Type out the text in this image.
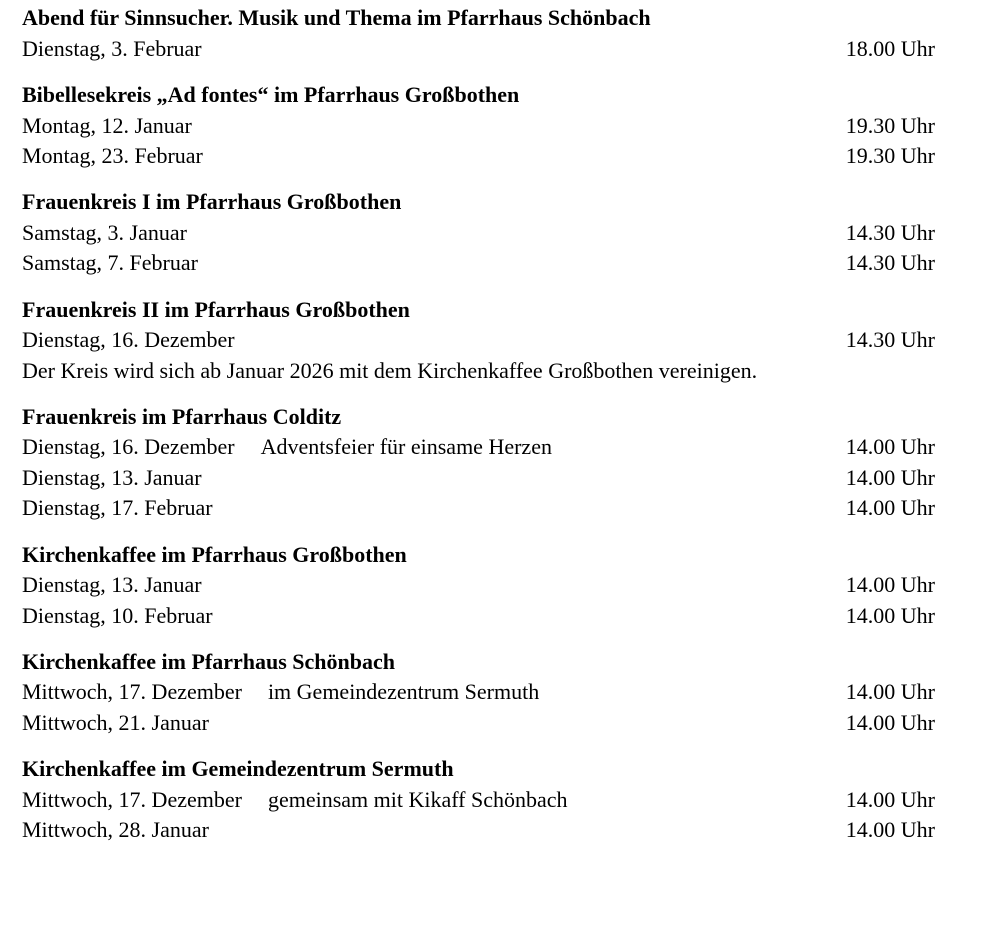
Abend für Sinnsucher. Musik und Thema im Pfarrhaus Schönbach
Dienstag, 3. Februar	18.00 Uhr
Bibellesekreis „Ad fontes“ im Pfarrhaus Großbothen
Montag, 12. Januar	19.30 Uhr
Montag, 23. Februar	19.30 Uhr
Frauenkreis I im Pfarrhaus Großbothen
Samstag, 3. Januar	14.30 Uhr
Samstag, 7. Februar	14.30 Uhr
Frauenkreis II im Pfarrhaus Großbothen
Dienstag, 16. Dezember	14.30 Uhr
Der Kreis wird sich ab Januar 2026 mit dem Kirchenkaffee Großbothen vereinigen.
Frauenkreis im Pfarrhaus Colditz
Dienstag, 16. Dezember	Adventsfeier für einsame Herzen	14.00 Uhr
Dienstag, 13. Januar	14.00 Uhr
Dienstag, 17. Februar	14.00 Uhr
Kirchenkaffee im Pfarrhaus Großbothen
Dienstag, 13. Januar	14.00 Uhr
Dienstag, 10. Februar	14.00 Uhr
Kirchenkaffee im Pfarrhaus Schönbach
Mittwoch, 17. Dezember	im Gemeindezentrum Sermuth	14.00 Uhr
Mittwoch, 21. Januar	14.00 Uhr
Kirchenkaffee im Gemeindezentrum Sermuth
Mittwoch, 17. Dezember	gemeinsam mit Kikaff Schönbach	14.00 Uhr
Mittwoch, 28. Januar	14.00 Uhr
